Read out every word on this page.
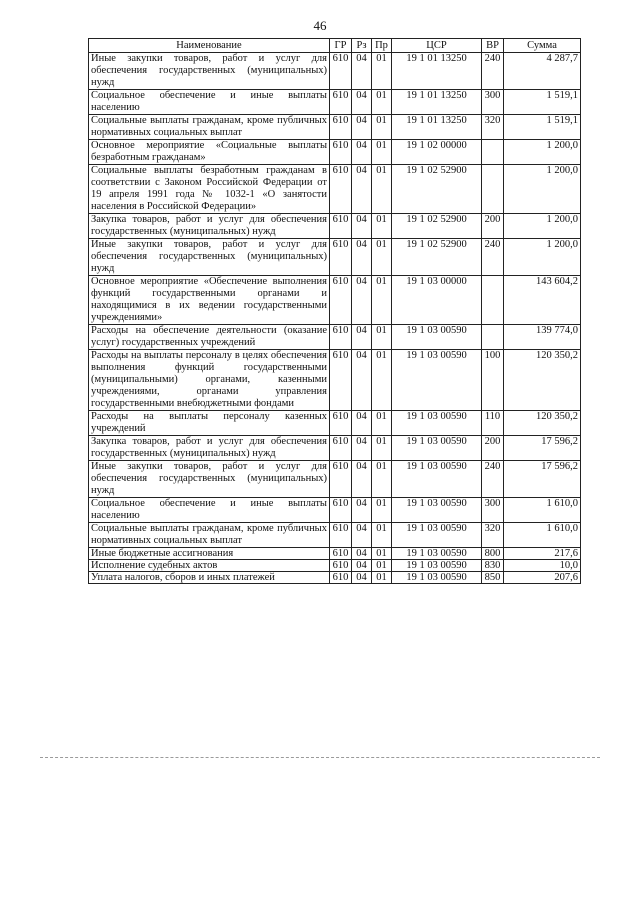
46
Наименование	ГР	Рз	Пр	ЦСР	ВР	Сумма
Иные закупки товаров, работ и услуг для обеспечения государственных (муниципальных) нужд	610	04	01	19 1 01 13250	240	4 287,7
Социальное обеспечение и иные выплаты населению	610	04	01	19 1 01 13250	300	1 519,1
Социальные выплаты гражданам, кроме публичных нормативных социальных выплат	610	04	01	19 1 01 13250	320	1 519,1
Основное мероприятие «Социальные выплаты безработным гражданам»	610	04	01	19 1 02 00000		1 200,0
Социальные выплаты безработным гражданам в соответствии с Законом Российской Федерации от 19 апреля 1991 года № 1032-1 «О занятости населения в Российской Федерации»	610	04	01	19 1 02 52900		1 200,0
Закупка товаров, работ и услуг для обеспечения государственных (муниципальных) нужд	610	04	01	19 1 02 52900	200	1 200,0
Иные закупки товаров, работ и услуг для обеспечения государственных (муниципальных) нужд	610	04	01	19 1 02 52900	240	1 200,0
Основное мероприятие «Обеспечение выполнения функций государственными органами и находящимися в их ведении государственными учреждениями»	610	04	01	19 1 03 00000		143 604,2
Расходы на обеспечение деятельности (оказание услуг) государственных учреждений	610	04	01	19 1 03 00590		139 774,0
Расходы на выплаты персоналу в целях обеспечения выполнения функций государственными (муниципальными) органами, казенными учреждениями, органами управления государственными внебюджетными фондами	610	04	01	19 1 03 00590	100	120 350,2
Расходы на выплаты персоналу казенных учреждений	610	04	01	19 1 03 00590	110	120 350,2
Закупка товаров, работ и услуг для обеспечения государственных (муниципальных) нужд	610	04	01	19 1 03 00590	200	17 596,2
Иные закупки товаров, работ и услуг для обеспечения государственных (муниципальных) нужд	610	04	01	19 1 03 00590	240	17 596,2
Социальное обеспечение и иные выплаты населению	610	04	01	19 1 03 00590	300	1 610,0
Социальные выплаты гражданам, кроме публичных нормативных социальных выплат	610	04	01	19 1 03 00590	320	1 610,0
Иные бюджетные ассигнования	610	04	01	19 1 03 00590	800	217,6
Исполнение судебных актов	610	04	01	19 1 03 00590	830	10,0
Уплата налогов, сборов и иных платежей	610	04	01	19 1 03 00590	850	207,6
